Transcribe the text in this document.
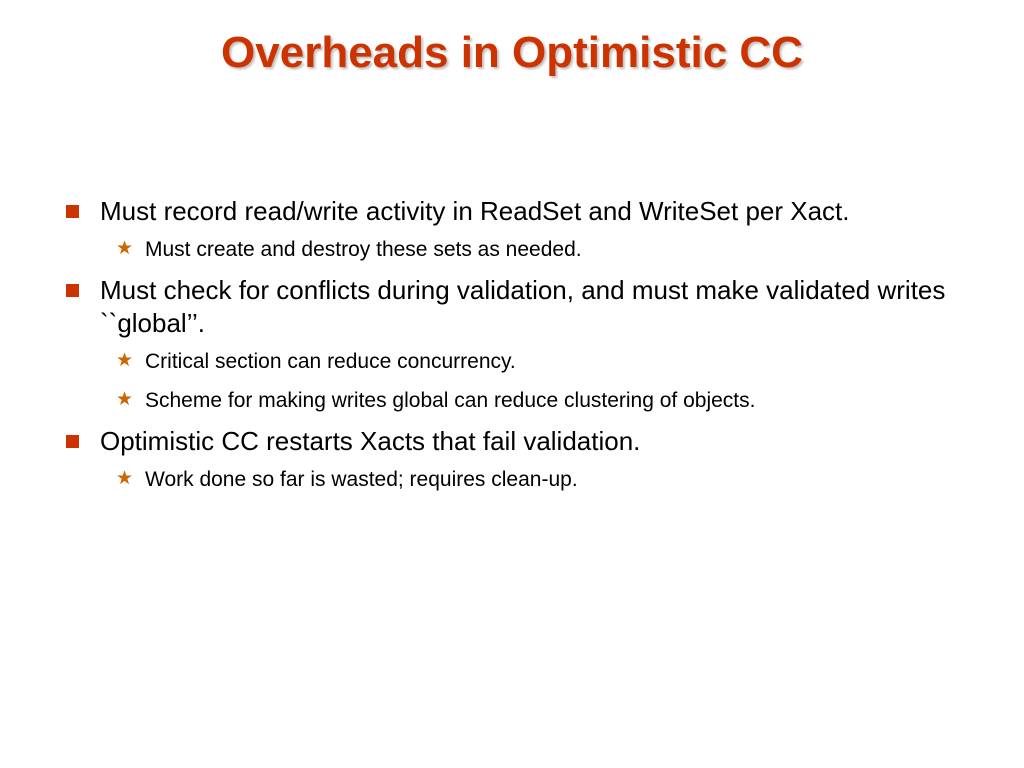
Overheads in Optimistic CC
Must record read/write activity in ReadSet and WriteSet per Xact.
★ Must create and destroy these sets as needed.
Must check for conflicts during validation, and must make validated writes ``global’’.
★ Critical section can reduce concurrency.
★ Scheme for making writes global can reduce clustering of objects.
Optimistic CC restarts Xacts that fail validation.
★ Work done so far is wasted; requires clean-up.
